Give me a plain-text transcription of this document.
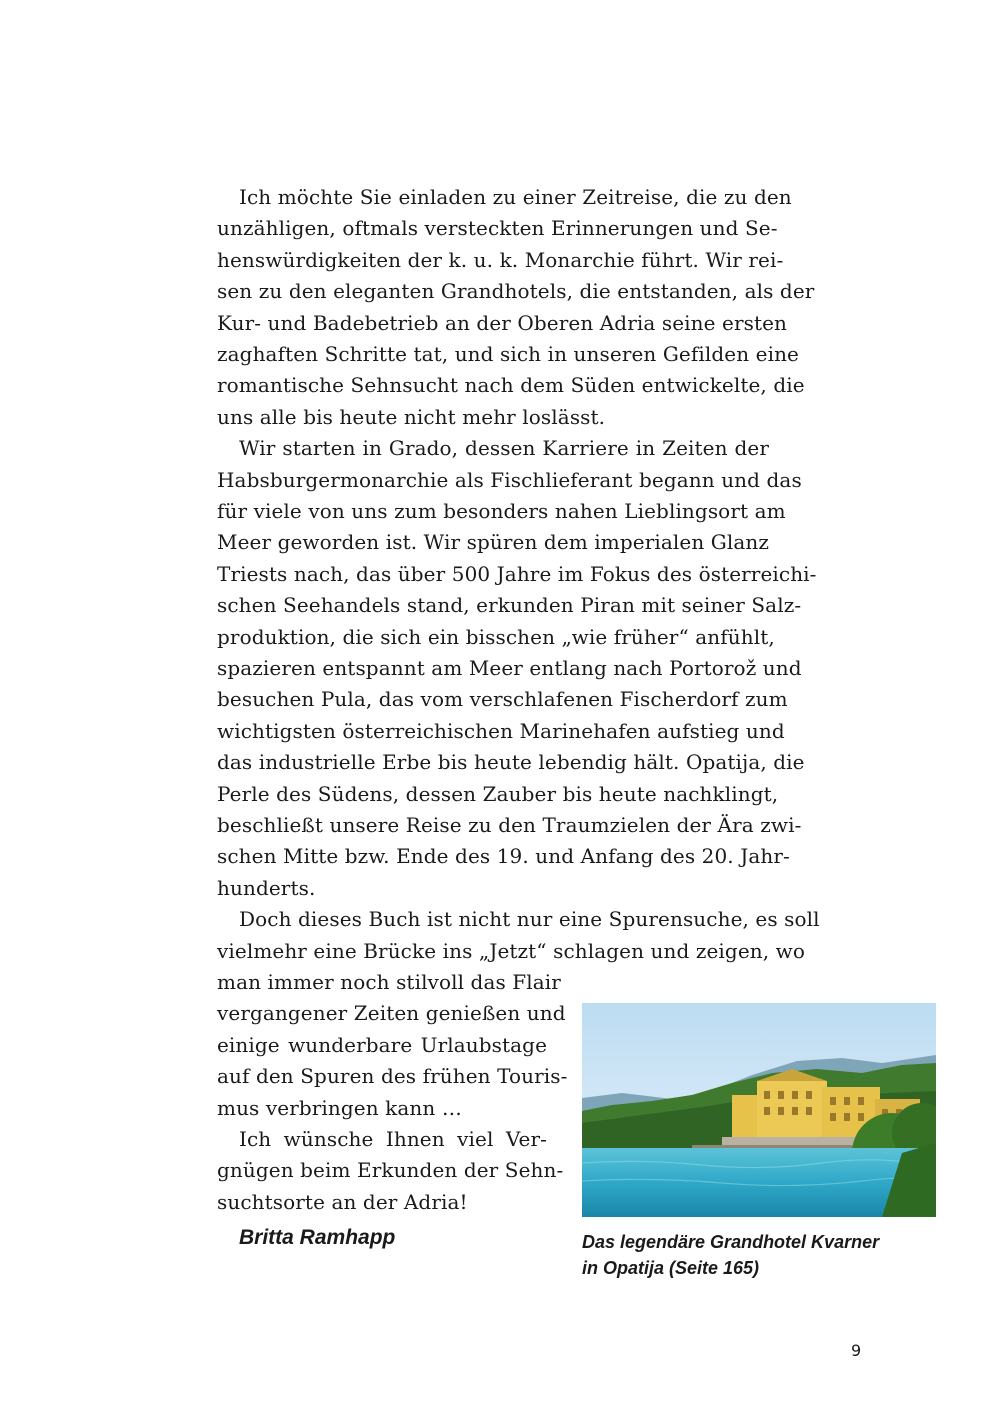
Ich möchte Sie einladen zu einer Zeitreise, die zu den
unzähligen, oftmals versteckten Erinnerungen und Se-
henswürdigkeiten der k. u. k. Monarchie führt. Wir rei-
sen zu den eleganten Grandhotels, die entstanden, als der
Kur- und Badebetrieb an der Oberen Adria seine ersten
zaghaften Schritte tat, und sich in unseren Gefilden eine
romantische Sehnsucht nach dem Süden entwickelte, die
uns alle bis heute nicht mehr loslässt.
Wir starten in Grado, dessen Karriere in Zeiten der
Habsburgermonarchie als Fischlieferant begann und das
für viele von uns zum besonders nahen Lieblingsort am
Meer geworden ist. Wir spüren dem imperialen Glanz
Triests nach, das über 500 Jahre im Fokus des österreichi-
schen Seehandels stand, erkunden Piran mit seiner Salz-
produktion, die sich ein bisschen „wie früher“ anfühlt,
spazieren entspannt am Meer entlang nach Portorož und
besuchen Pula, das vom verschlafenen Fischerdorf zum
wichtigsten österreichischen Marinehafen aufstieg und
das industrielle Erbe bis heute lebendig hält. Opatija, die
Perle des Südens, dessen Zauber bis heute nachklingt,
beschließt unsere Reise zu den Traumzielen der Ära zwi-
schen Mitte bzw. Ende des 19. und Anfang des 20. Jahr-
hunderts.
Doch dieses Buch ist nicht nur eine Spurensuche, es soll
vielmehr eine Brücke ins „Jetzt“ schlagen und zeigen, wo
man immer noch stilvoll das Flair
vergangener Zeiten genießen und
einige wunderbare Urlaubstage
auf den Spuren des frühen Touris-
mus verbringen kann …
Ich wünsche Ihnen viel Ver-
gnügen beim Erkunden der Sehn-
suchtsorte an der Adria!
Britta Ramhapp	Das legendäre Grandhotel Kvarner
in Opatija (Seite 165)
9
